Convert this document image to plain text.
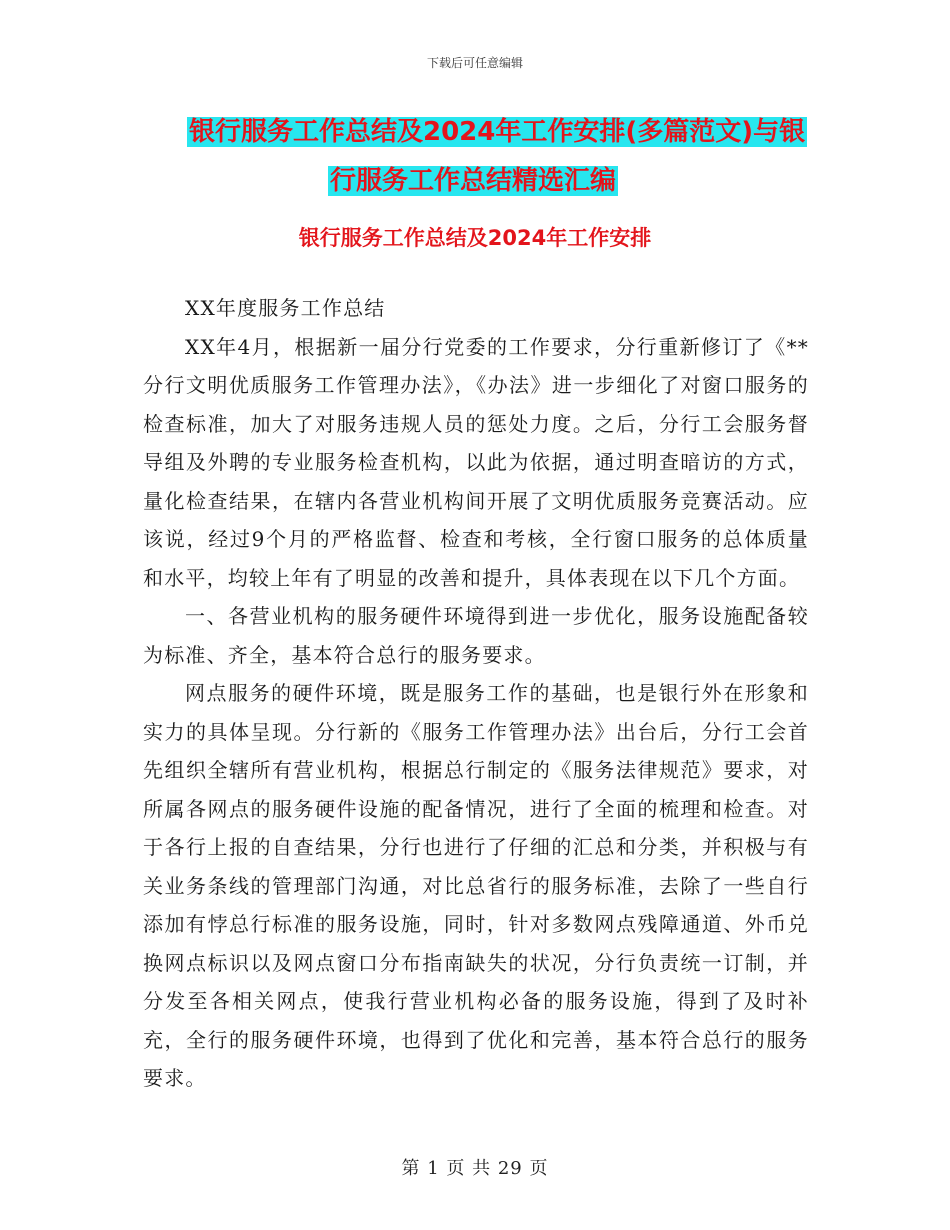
下载后可任意编辑
银行服务工作总结及2024年工作安排(多篇范文)与银
行服务工作总结精选汇编
银行服务工作总结及2024年工作安排

XX年度服务工作总结

XX年4月，根据新一届分行党委的工作要求，分行重新修订了《**分行文明优质服务工作管理办法》，《办法》进一步细化了对窗口服务的检查标准，加大了对服务违规人员的惩处力度。之后，分行工会服务督导组及外聘的专业服务检查机构，以此为依据，通过明查暗访的方式，量化检查结果，在辖内各营业机构间开展了文明优质服务竞赛活动。应该说，经过9个月的严格监督、检查和考核，全行窗口服务的总体质量和水平，均较上年有了明显的改善和提升，具体表现在以下几个方面。

一、各营业机构的服务硬件环境得到进一步优化，服务设施配备较为标准、齐全，基本符合总行的服务要求。

网点服务的硬件环境，既是服务工作的基础，也是银行外在形象和实力的具体呈现。分行新的《服务工作管理办法》出台后，分行工会首先组织全辖所有营业机构，根据总行制定的《服务法律规范》要求，对所属各网点的服务硬件设施的配备情况，进行了全面的梳理和检查。对于各行上报的自查结果，分行也进行了仔细的汇总和分类，并积极与有关业务条线的管理部门沟通，对比总省行的服务标准，去除了一些自行添加有悖总行标准的服务设施，同时，针对多数网点残障通道、外币兑换网点标识以及网点窗口分布指南缺失的状况，分行负责统一订制，并分发至各相关网点，使我行营业机构必备的服务设施，得到了及时补充，全行的服务硬件环境，也得到了优化和完善，基本符合总行的服务要求。

第 1 页 共 29 页
